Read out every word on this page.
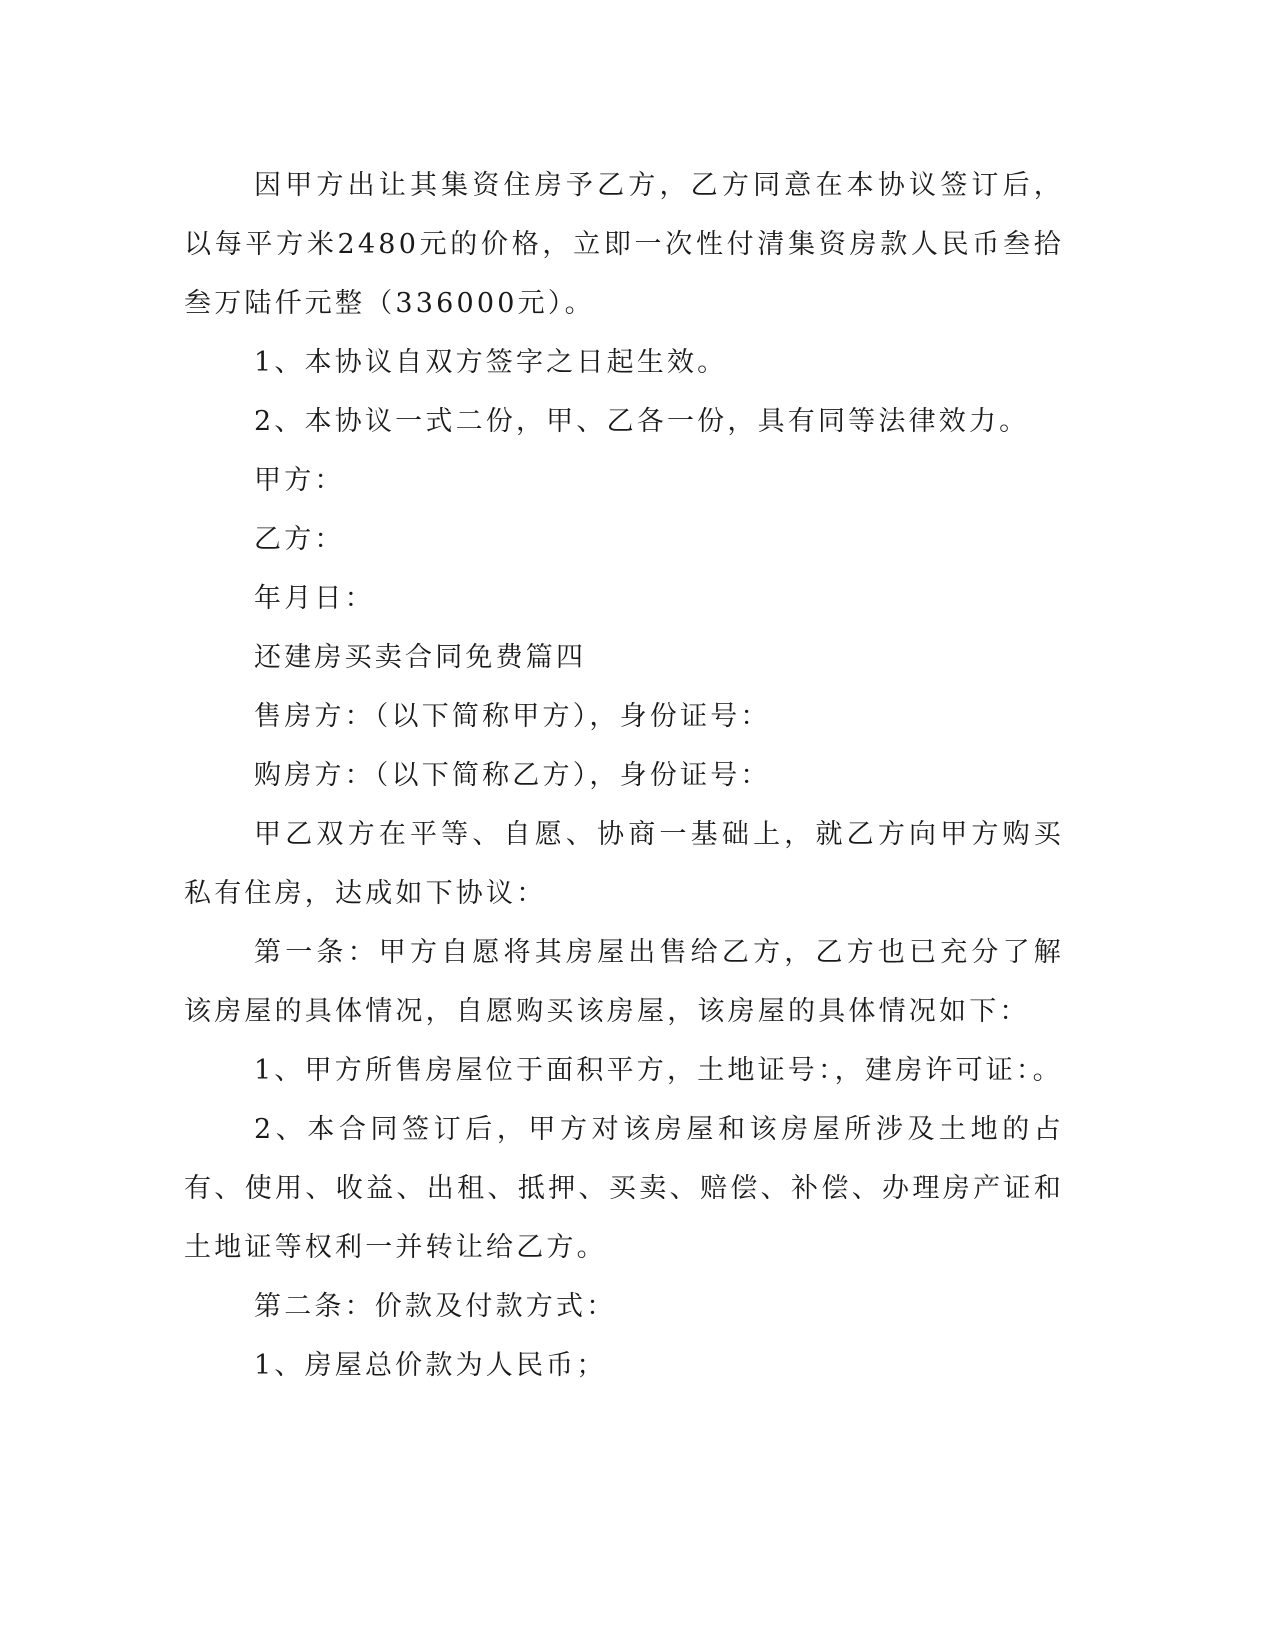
因甲方出让其集资住房予乙方，乙方同意在本协议签订后，以每平方米2480元的价格，立即一次性付清集资房款人民币叁拾叁万陆仟元整（336000元）。

1、本协议自双方签字之日起生效。

2、本协议一式二份，甲、乙各一份，具有同等法律效力。

甲方：

乙方：

年月日：

还建房买卖合同免费篇四

售房方：（以下简称甲方），身份证号：

购房方：（以下简称乙方），身份证号：

甲乙双方在平等、自愿、协商一基础上，就乙方向甲方购买私有住房，达成如下协议：

第一条：甲方自愿将其房屋出售给乙方，乙方也已充分了解该房屋的具体情况，自愿购买该房屋，该房屋的具体情况如下：

1、甲方所售房屋位于面积平方，土地证号：，建房许可证：。

2、本合同签订后，甲方对该房屋和该房屋所涉及土地的占有、使用、收益、出租、抵押、买卖、赔偿、补偿、办理房产证和土地证等权利一并转让给乙方。

第二条：价款及付款方式：

1、房屋总价款为人民币；
